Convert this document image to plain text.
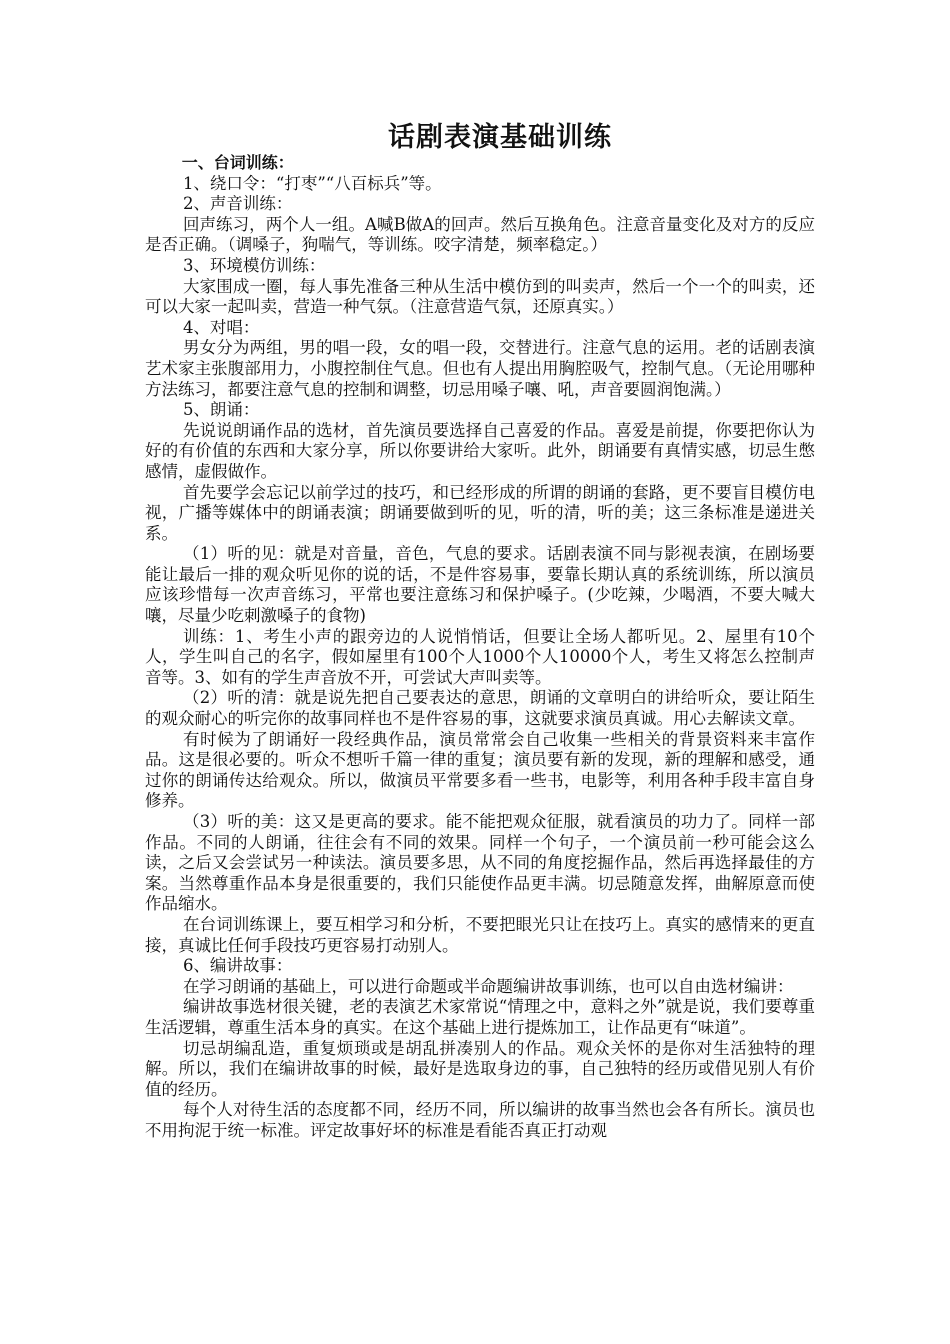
话剧表演基础训练

一、台词训练：

1、绕口令：“打枣”“八百标兵”等。

2、声音训练：

回声练习，两个人一组。A喊B做A的回声。然后互换角色。注意音量变化及对方的反应是否正确。（调嗓子，狗喘气，等训练。咬字清楚，频率稳定。）

3、环境模仿训练：

大家围成一圈，每人事先准备三种从生活中模仿到的叫卖声，然后一个一个的叫卖，还可以大家一起叫卖，营造一种气氛。（注意营造气氛，还原真实。）

4、对唱：

男女分为两组，男的唱一段，女的唱一段，交替进行。注意气息的运用。老的话剧表演艺术家主张腹部用力，小腹控制住气息。但也有人提出用胸腔吸气，控制气息。（无论用哪种方法练习，都要注意气息的控制和调整，切忌用嗓子嚷、吼，声音要圆润饱满。）

5、朗诵：

先说说朗诵作品的选材，首先演员要选择自己喜爱的作品。喜爱是前提，你要把你认为好的有价值的东西和大家分享，所以你要讲给大家听。此外，朗诵要有真情实感，切忌生憋感情，虚假做作。

首先要学会忘记以前学过的技巧，和已经形成的所谓的朗诵的套路，更不要盲目模仿电视，广播等媒体中的朗诵表演；朗诵要做到听的见，听的清，听的美；这三条标准是递进关系。

（1）听的见：就是对音量，音色，气息的要求。话剧表演不同与影视表演，在剧场要能让最后一排的观众听见你的说的话，不是件容易事，要靠长期认真的系统训练，所以演员应该珍惜每一次声音练习，平常也要注意练习和保护嗓子。(少吃辣，少喝酒，不要大喊大嚷，尽量少吃刺激嗓子的食物)

训练：1、考生小声的跟旁边的人说悄悄话，但要让全场人都听见。2、屋里有10个人，学生叫自己的名字，假如屋里有100个人1000个人10000个人，考生又将怎么控制声音等。3、如有的学生声音放不开，可尝试大声叫卖等。

（2）听的清：就是说先把自己要表达的意思，朗诵的文章明白的讲给听众，要让陌生的观众耐心的听完你的故事同样也不是件容易的事，这就要求演员真诚。用心去解读文章。

有时候为了朗诵好一段经典作品，演员常常会自己收集一些相关的背景资料来丰富作品。这是很必要的。听众不想听千篇一律的重复；演员要有新的发现，新的理解和感受，通过你的朗诵传达给观众。所以，做演员平常要多看一些书，电影等，利用各种手段丰富自身修养。

（3）听的美：这又是更高的要求。能不能把观众征服，就看演员的功力了。同样一部作品。不同的人朗诵，往往会有不同的效果。同样一个句子，一个演员前一秒可能会这么读，之后又会尝试另一种读法。演员要多思，从不同的角度挖掘作品，然后再选择最佳的方案。当然尊重作品本身是很重要的，我们只能使作品更丰满。切忌随意发挥，曲解原意而使作品缩水。

在台词训练课上，要互相学习和分析，不要把眼光只让在技巧上。真实的感情来的更直接，真诚比任何手段技巧更容易打动别人。

6、编讲故事：

在学习朗诵的基础上，可以进行命题或半命题编讲故事训练，也可以自由选材编讲：

编讲故事选材很关键，老的表演艺术家常说“情理之中，意料之外”就是说，我们要尊重生活逻辑，尊重生活本身的真实。在这个基础上进行提炼加工，让作品更有“味道”。

切忌胡编乱造，重复烦琐或是胡乱拼凑别人的作品。观众关怀的是你对生活独特的理解。所以，我们在编讲故事的时候，最好是选取身边的事，自己独特的经历或借见别人有价值的经历。

每个人对待生活的态度都不同，经历不同，所以编讲的故事当然也会各有所长。演员也不用拘泥于统一标准。评定故事好坏的标准是看能否真正打动观
